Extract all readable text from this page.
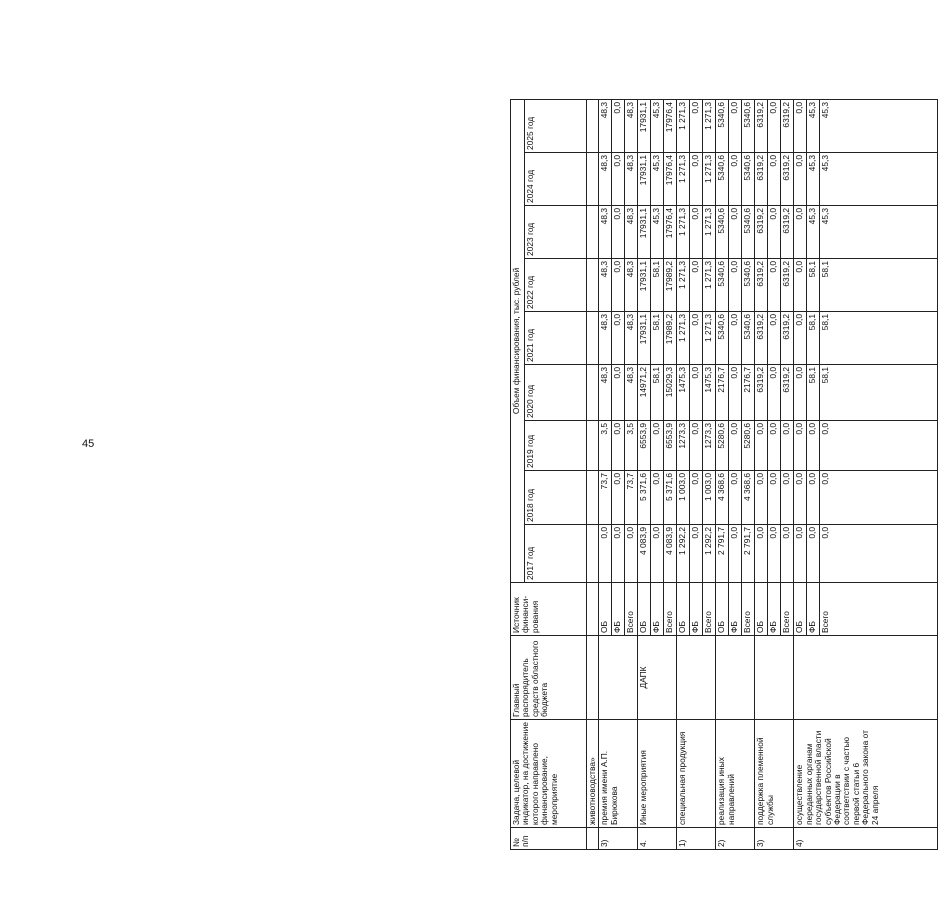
45
№ п/п	Задача, целевой индикатор, на достижение которого направлено финансирование, мероприятие	Главный распорядитель средств областного бюджета	Источник финанси-рования	Объем финансирования, тыс. рублей								
				2017 год	2018 год	2019 год	2020 год	2021 год	2022 год	2023 год	2024 год	2025 год
	животноводства»											
3)	премия имени А.П. Бирюкова		ОБ	0,0	73,7	3,5	48,3	48,3	48,3	48,3	48,3	48,3
			ФБ	0,0	0,0	0,0	0,0	0,0	0,0	0,0	0,0	0,0
			Всего	0,0	73,7	3,5	48,3	48,3	48,3	48,3	48,3	48,3
4.	Иные мероприятия	ДАПК	ОБ	4 083,9	5 371,6	6553,9	14971,2	17931,1	17931,1	17931,1	17931,1	17931,1
			ФБ	0,0	0,0	0,0	58,1	58,1	58,1	45,3	45,3	45,3
			Всего	4 083,9	5 371,6	6553,9	15029,3	17989,2	17989,2	17976,4	17976,4	17976,4
1)	специальная продукция		ОБ	1 292,2	1 003,0	1273,3	1475,3	1 271,3	1 271,3	1 271,3	1 271,3	1 271,3
			ФБ	0,0	0,0	0,0	0,0	0,0	0,0	0,0	0,0	0,0
			Всего	1 292,2	1 003,0	1273,3	1475,3	1 271,3	1 271,3	1 271,3	1 271,3	1 271,3
2)	реализация иных направлений		ОБ	2 791,7	4 368,6	5280,6	2176,7	5340,6	5340,6	5340,6	5340,6	5340,6
			ФБ	0,0	0,0	0,0	0,0	0,0	0,0	0,0	0,0	0,0
			Всего	2 791,7	4 368,6	5280,6	2176,7	5340,6	5340,6	5340,6	5340,6	5340,6
3)	поддержка племенной службы		ОБ	0,0	0,0	0,0	6319,2	6319,2	6319,2	6319,2	6319,2	6319,2
			ФБ	0,0	0,0	0,0	0,0	0,0	0,0	0,0	0,0	0,0
			Всего	0,0	0,0	0,0	6319,2	6319,2	6319,2	6319,2	6319,2	6319,2
4)	осуществление переданных органам государственной власти субъектов Российской Федерации в соответствии с частью первой статьи 6 Федерального закона от 24 апреля		ОБ	0,0	0,0	0,0	0,0	0,0	0,0	0,0	0,0	0,0
			ФБ	0,0	0,0	0,0	58,1	58,1	58,1	45,3	45,3	45,3
			Всего	0,0	0,0	0,0	58,1	58,1	58,1	45,3	45,3	45,3
